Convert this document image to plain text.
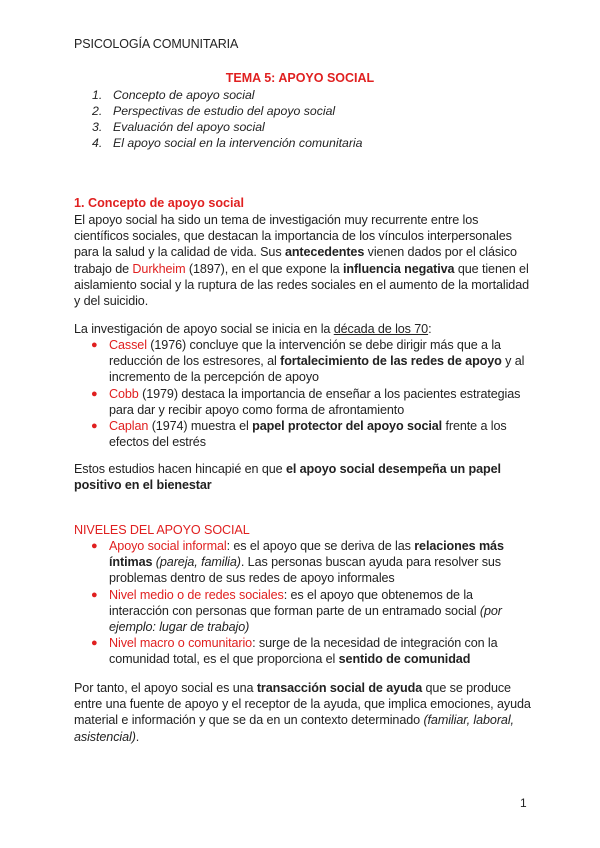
PSICOLOGÍA COMUNITARIA
TEMA 5: APOYO SOCIAL
1. Concepto de apoyo social
2. Perspectivas de estudio del apoyo social
3. Evaluación del apoyo social
4. El apoyo social en la intervención comunitaria
1. Concepto de apoyo social

El apoyo social ha sido un tema de investigación muy recurrente entre los científicos sociales, que destacan la importancia de los vínculos interpersonales para la salud y la calidad de vida. Sus antecedentes vienen dados por el clásico trabajo de Durkheim (1897), en el que expone la influencia negativa que tienen el aislamiento social y la ruptura de las redes sociales en el aumento de la mortalidad y del suicidio.

La investigación de apoyo social se inicia en la década de los 70:

● Cassel (1976) concluye que la intervención se debe dirigir más que a la reducción de los estresores, al fortalecimiento de las redes de apoyo y al incremento de la percepción de apoyo
● Cobb (1979) destaca la importancia de enseñar a los pacientes estrategias para dar y recibir apoyo como forma de afrontamiento
● Caplan (1974) muestra el papel protector del apoyo social frente a los efectos del estrés

Estos estudios hacen hincapié en que el apoyo social desempeña un papel positivo en el bienestar

NIVELES DEL APOYO SOCIAL
● Apoyo social informal: es el apoyo que se deriva de las relaciones más íntimas (pareja, familia). Las personas buscan ayuda para resolver sus problemas dentro de sus redes de apoyo informales
● Nivel medio o de redes sociales: es el apoyo que obtenemos de la interacción con personas que forman parte de un entramado social (por ejemplo: lugar de trabajo)
● Nivel macro o comunitario: surge de la necesidad de integración con la comunidad total, es el que proporciona el sentido de comunidad

Por tanto, el apoyo social es una transacción social de ayuda que se produce entre una fuente de apoyo y el receptor de la ayuda, que implica emociones, ayuda material e información y que se da en un contexto determinado (familiar, laboral, asistencial).

1
